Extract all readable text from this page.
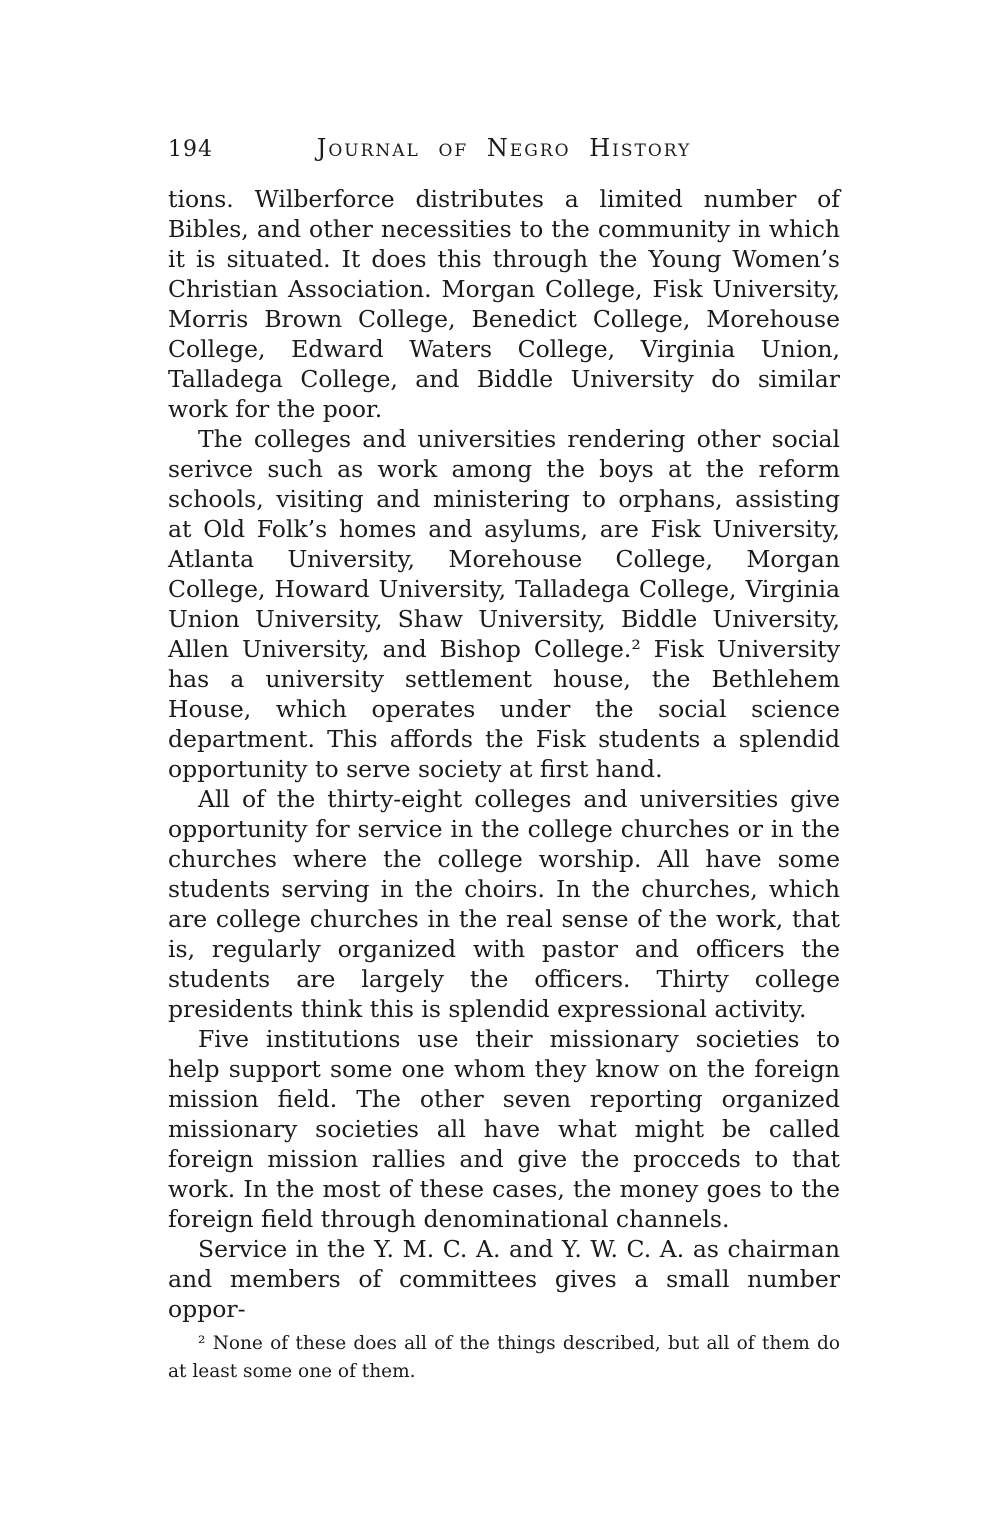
194	Journal of Negro History

tions. Wilberforce distributes a limited number of Bibles, and other necessities to the community in which it is situated. It does this through the Young Women’s Christian Association. Morgan College, Fisk University, Morris Brown College, Benedict College, Morehouse College, Edward Waters College, Virginia Union, Talladega College, and Biddle University do similar work for the poor.

The colleges and universities rendering other social serivce such as work among the boys at the reform schools, visiting and ministering to orphans, assisting at Old Folk’s homes and asylums, are Fisk University, Atlanta University, Morehouse College, Morgan College, Howard University, Talladega College, Virginia Union University, Shaw University, Biddle University, Allen University, and Bishop College.² Fisk University has a university settlement house, the Bethlehem House, which operates under the social science department. This affords the Fisk students a splendid opportunity to serve society at first hand.

All of the thirty-eight colleges and universities give opportunity for service in the college churches or in the churches where the college worship. All have some students serving in the choirs. In the churches, which are college churches in the real sense of the work, that is, regularly organized with pastor and officers the students are largely the officers. Thirty college presidents think this is splendid expressional activity.

Five institutions use their missionary societies to help support some one whom they know on the foreign mission field. The other seven reporting organized missionary societies all have what might be called foreign mission rallies and give the procceds to that work. In the most of these cases, the money goes to the foreign field through denominational channels.

Service in the Y. M. C. A. and Y. W. C. A. as chairman and members of committees gives a small number oppor-

² None of these does all of the things described, but all of them do at least some one of them.
